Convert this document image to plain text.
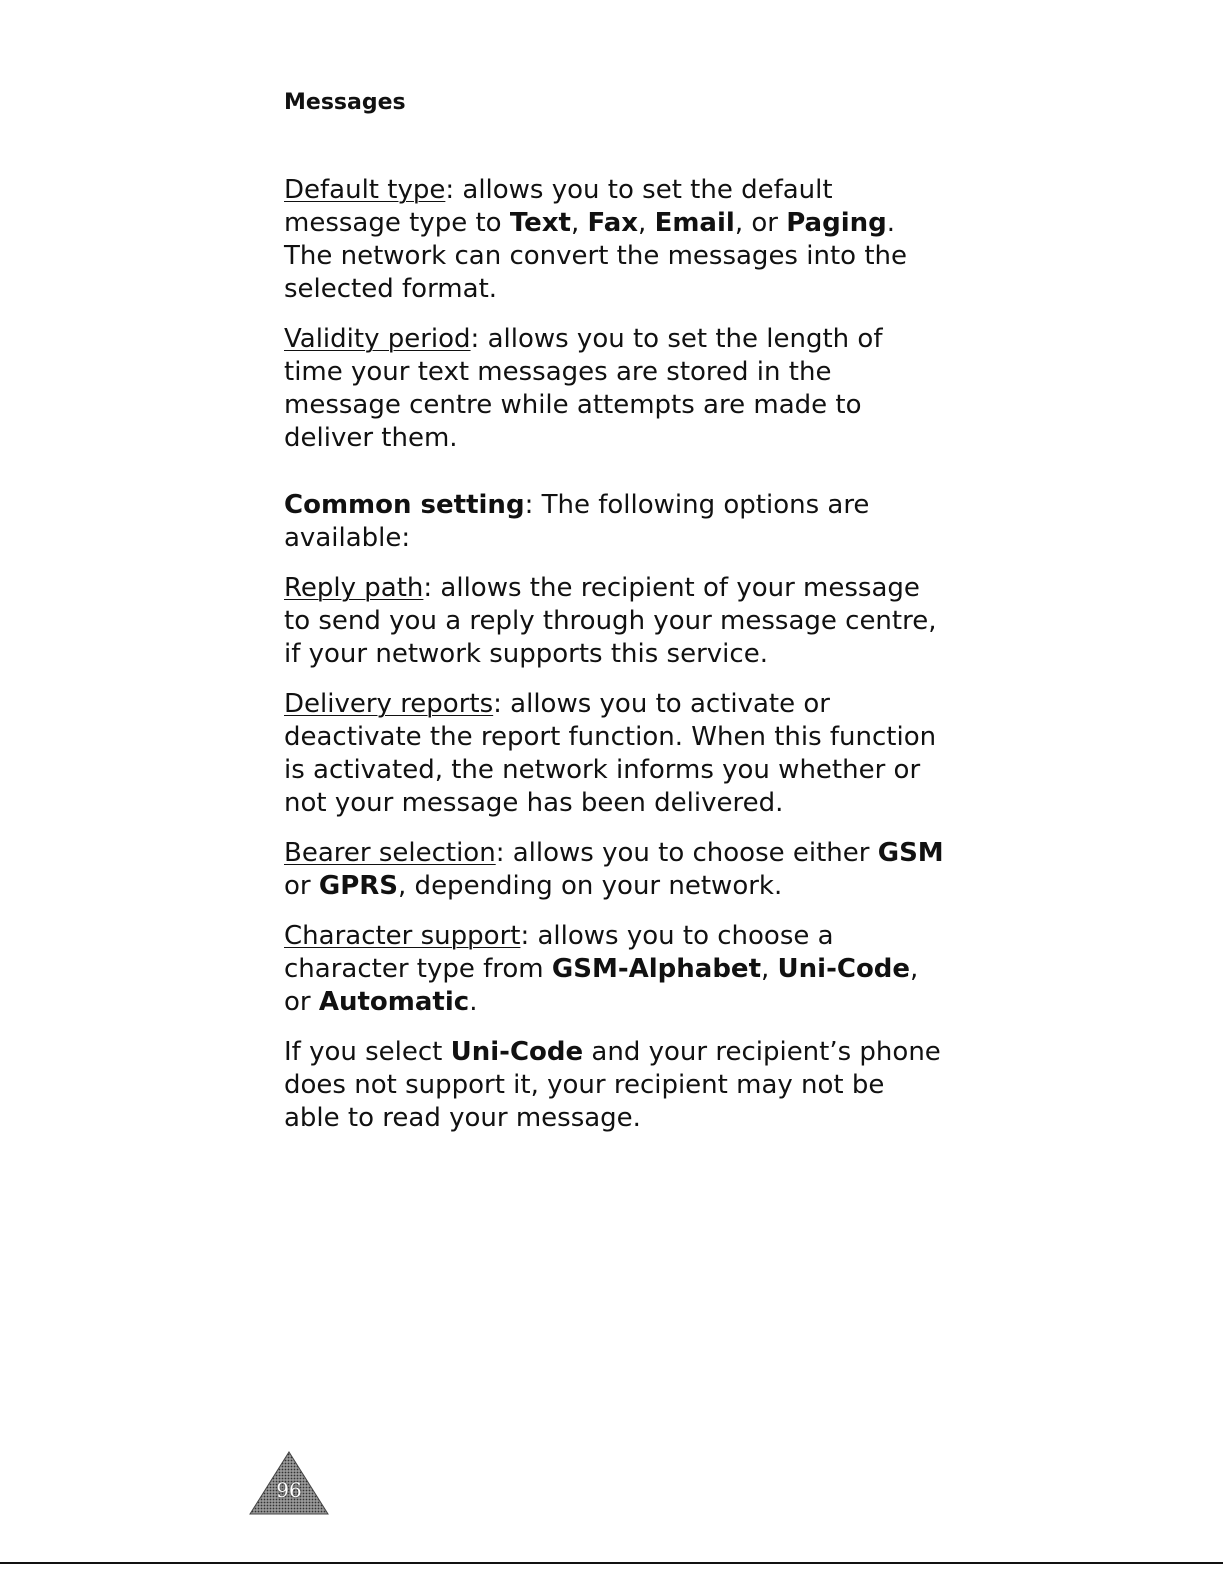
Messages

Default type: allows you to set the default message type to Text, Fax, Email, or Paging. The network can convert the messages into the selected format.

Validity period: allows you to set the length of time your text messages are stored in the message centre while attempts are made to deliver them.

Common setting: The following options are available:

Reply path: allows the recipient of your message to send you a reply through your message centre, if your network supports this service.

Delivery reports: allows you to activate or deactivate the report function. When this function is activated, the network informs you whether or not your message has been delivered.

Bearer selection: allows you to choose either GSM or GPRS, depending on your network.

Character support: allows you to choose a character type from GSM-Alphabet, Uni-Code, or Automatic.

If you select Uni-Code and your recipient’s phone does not support it, your recipient may not be able to read your message.

96
